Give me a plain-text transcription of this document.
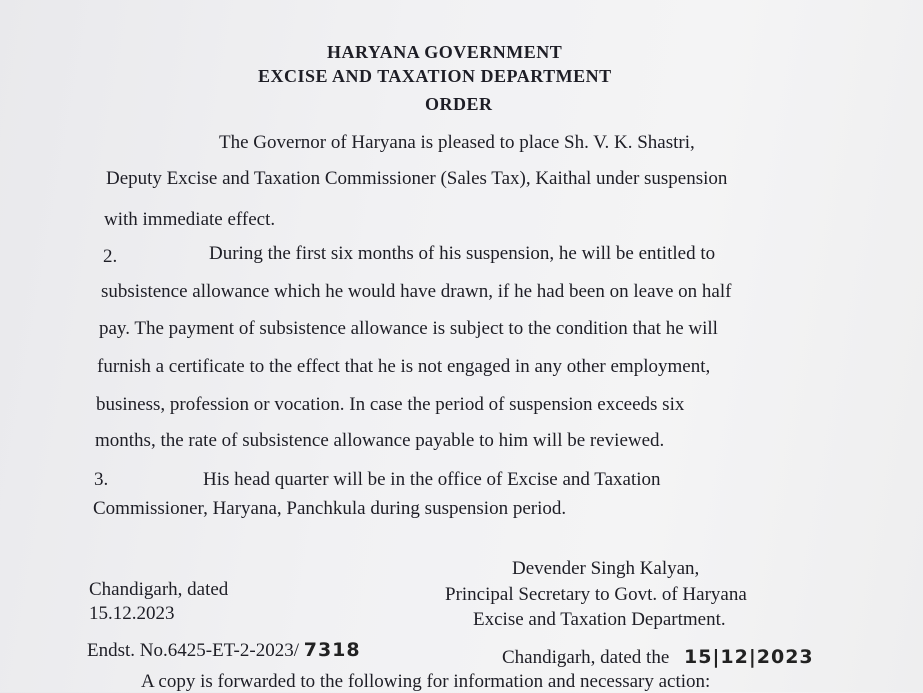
HARYANA GOVERNMENT
EXCISE AND TAXATION DEPARTMENT
ORDER
The Governor of Haryana is pleased to place Sh. V. K. Shastri,
Deputy Excise and Taxation Commissioner (Sales Tax), Kaithal under suspension
with immediate effect.
2.	During the first six months of his suspension, he will be entitled to
subsistence allowance which he would have drawn, if he had been on leave on half
pay. The payment of subsistence allowance is subject to the condition that he will
furnish a certificate to the effect that he is not engaged in any other employment,
business, profession or vocation. In case the period of suspension exceeds six
months, the rate of subsistence allowance payable to him will be reviewed.
3.	His head quarter will be in the office of Excise and Taxation
Commissioner, Haryana, Panchkula during suspension period.
Devender Singh Kalyan,
Principal Secretary to Govt. of Haryana
Excise and Taxation Department.
Chandigarh, dated
15.12.2023
Endst. No.6425-ET-2-2023/ 7318	Chandigarh, dated the 15|12|2023
A copy is forwarded to the following for information and necessary action:
